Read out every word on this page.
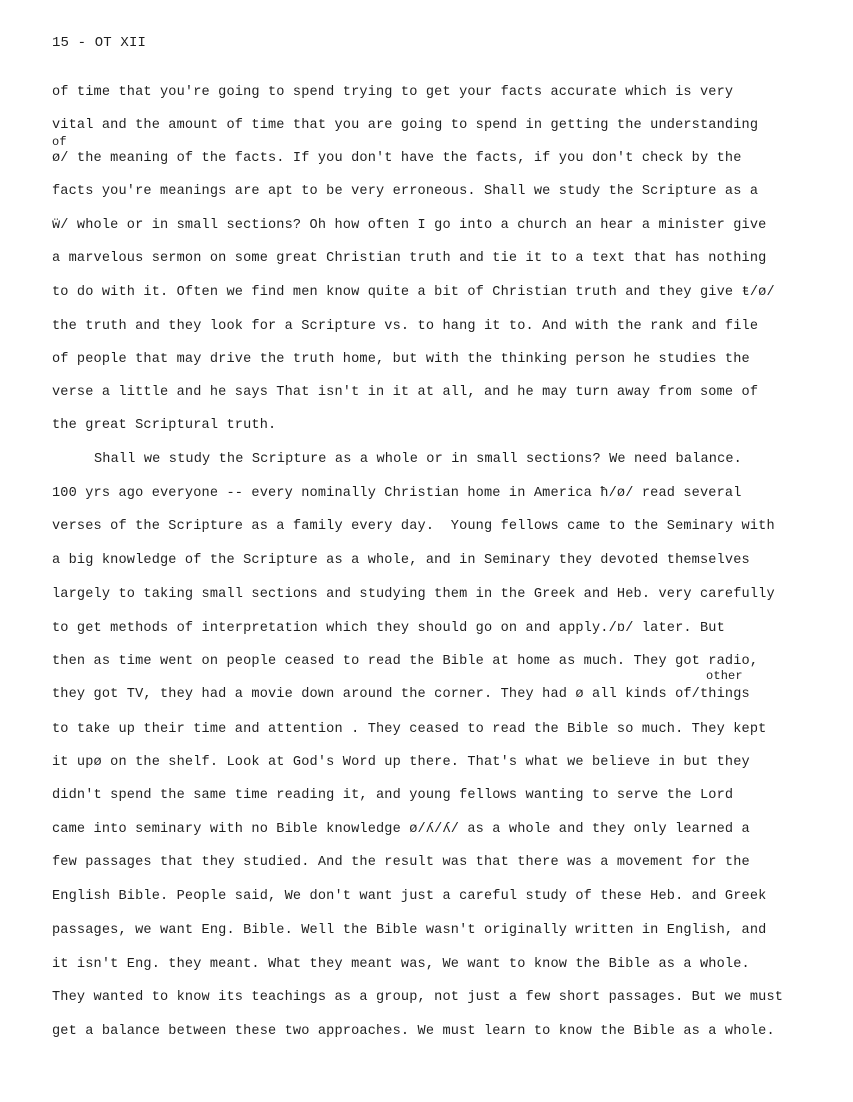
15 - OT XII
of
other
of time that you're going to spend trying to get your facts accurate which is very
vital and the amount of time that you are going to spend in getting the understanding
ø/ the meaning of the facts. If you don't have the facts, if you don't check by the
facts you're meanings are apt to be very erroneous. Shall we study the Scripture as a
ẅ/ whole or in small sections? Oh how often I go into a church an hear a minister give
a marvelous sermon on some great Christian truth and tie it to a text that has nothing
to do with it. Often we find men know quite a bit of Christian truth and they give ŧ/ø/
the truth and they look for a Scripture vs. to hang it to. And with the rank and file
of people that may drive the truth home, but with the thinking person he studies the
verse a little and he says That isn't in it at all, and he may turn away from some of
the great Scriptural truth.
Shall we study the Scripture as a whole or in small sections? We need balance.
100 yrs ago everyone -- every nominally Christian home in America ħ/ø/ read several
verses of the Scripture as a family every day.  Young fellows came to the Seminary with
a big knowledge of the Scripture as a whole, and in Seminary they devoted themselves
largely to taking small sections and studying them in the Greek and Heb. very carefully
to get methods of interpretation which they should go on and apply./ɒ/ later. But
then as time went on people ceased to read the Bible at home as much. They got radio,
they got TV, they had a movie down around the corner. They had ø all kinds of/things
to take up their time and attention . They ceased to read the Bible so much. They kept
it upø on the shelf. Look at God's Word up there. That's what we believe in but they
didn't spend the same time reading it, and young fellows wanting to serve the Lord
came into seminary with no Bible knowledge ø/ʎ/ʎ/ as a whole and they only learned a
few passages that they studied. And the result was that there was a movement for the
English Bible. People said, We don't want just a careful study of these Heb. and Greek
passages, we want Eng. Bible. Well the Bible wasn't originally written in English, and
it isn't Eng. they meant. What they meant was, We want to know the Bible as a whole.
They wanted to know its teachings as a group, not just a few short passages. But we must
get a balance between these two approaches. We must learn to know the Bible as a whole.
